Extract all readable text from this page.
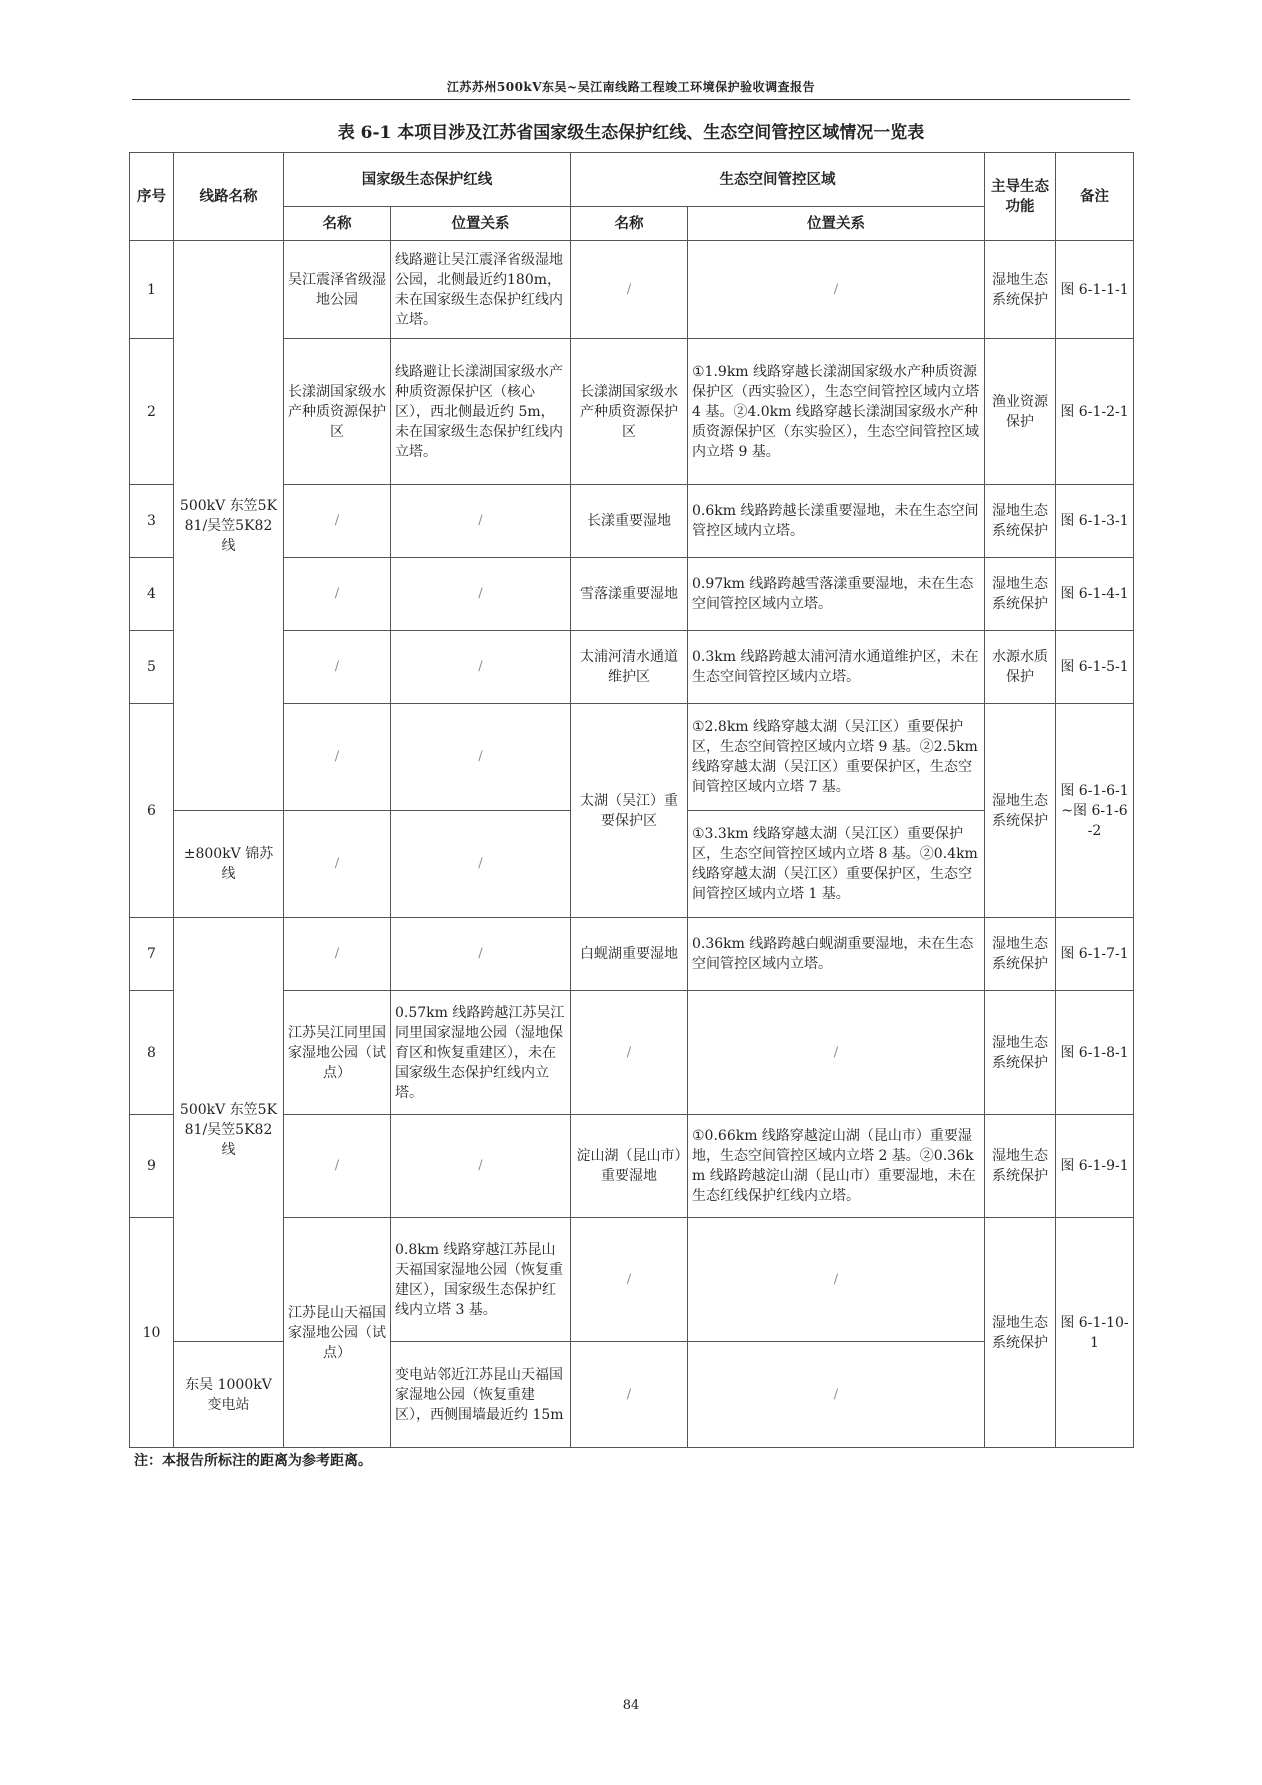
江苏苏州500kV东吴~吴江南线路工程竣工环境保护验收调查报告
表 6-1 本项目涉及江苏省国家级生态保护红线、生态空间管控区域情况一览表
序号	线路名称	国家级生态保护红线		生态空间管控区域		主导生态功能	备注
		名称	位置关系	名称	位置关系		
1	500kV 东笠5K81/吴笠5K82 线	吴江震泽省级湿地公园	线路避让吴江震泽省级湿地公园，北侧最近约180m，未在国家级生态保护红线内立塔。	/	/	湿地生态系统保护	图 6-1-1-1
2		长漾湖国家级水产种质资源保护区	线路避让长漾湖国家级水产种质资源保护区（核心区），西北侧最近约 5m，未在国家级生态保护红线内立塔。	长漾湖国家级水产种质资源保护区	①1.9km 线路穿越长漾湖国家级水产种质资源保护区（西实验区），生态空间管控区域内立塔 4 基。②4.0km 线路穿越长漾湖国家级水产种质资源保护区（东实验区），生态空间管控区域内立塔 9 基。	渔业资源保护	图 6-1-2-1
3		/	/	长漾重要湿地	0.6km 线路跨越长漾重要湿地，未在生态空间管控区域内立塔。	湿地生态系统保护	图 6-1-3-1
4		/	/	雪落漾重要湿地	0.97km 线路跨越雪落漾重要湿地，未在生态空间管控区域内立塔。	湿地生态系统保护	图 6-1-4-1
5		/	/	太浦河清水通道维护区	0.3km 线路跨越太浦河清水通道维护区，未在生态空间管控区域内立塔。	水源水质保护	图 6-1-5-1
6		/	/	太湖（吴江）重要保护区	①2.8km 线路穿越太湖（吴江区）重要保护区，生态空间管控区域内立塔 9 基。②2.5km 线路穿越太湖（吴江区）重要保护区，生态空间管控区域内立塔 7 基。	湿地生态系统保护	图 6-1-6-1~图 6-1-6-2
	±800kV 锦苏线	/	/		①3.3km 线路穿越太湖（吴江区）重要保护区，生态空间管控区域内立塔 8 基。②0.4km 线路穿越太湖（吴江区）重要保护区，生态空间管控区域内立塔 1 基。		
7	500kV 东笠5K81/吴笠5K82 线	/	/	白蚬湖重要湿地	0.36km 线路跨越白蚬湖重要湿地，未在生态空间管控区域内立塔。	湿地生态系统保护	图 6-1-7-1
8		江苏吴江同里国家湿地公园（试点）	0.57km 线路跨越江苏吴江同里国家湿地公园（湿地保育区和恢复重建区），未在国家级生态保护红线内立塔。	/	/	湿地生态系统保护	图 6-1-8-1
9		/	/	淀山湖（昆山市）重要湿地	①0.66km 线路穿越淀山湖（昆山市）重要湿地，生态空间管控区域内立塔 2 基。②0.36km 线路跨越淀山湖（昆山市）重要湿地，未在生态红线保护红线内立塔。	湿地生态系统保护	图 6-1-9-1
10		江苏昆山天福国家湿地公园（试点）	0.8km 线路穿越江苏昆山天福国家湿地公园（恢复重建区），国家级生态保护红线内立塔 3 基。	/	/	湿地生态系统保护	图 6-1-10-1
	东吴 1000kV 变电站		变电站邻近江苏昆山天福国家湿地公园（恢复重建区），西侧围墙最近约 15m	/	/		
注：本报告所标注的距离为参考距离。
84
